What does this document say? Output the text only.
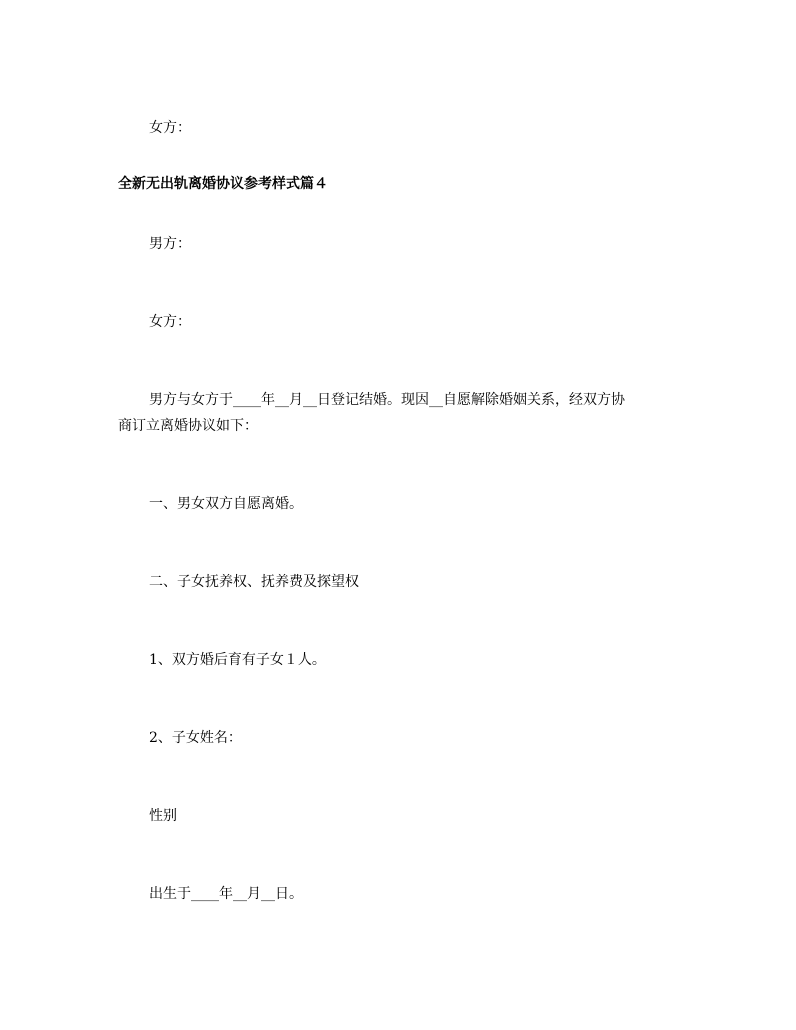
女方：
全新无出轨离婚协议参考样式篇４
男方：
女方：
男方与女方于____年__月__日登记结婚。现因__自愿解除婚姻关系，经双方协
商订立离婚协议如下：
一、男女双方自愿离婚。
二、子女抚养权、抚养费及探望权
1、双方婚后育有子女１人。
2、子女姓名：
性别
出生于____年__月__日。
